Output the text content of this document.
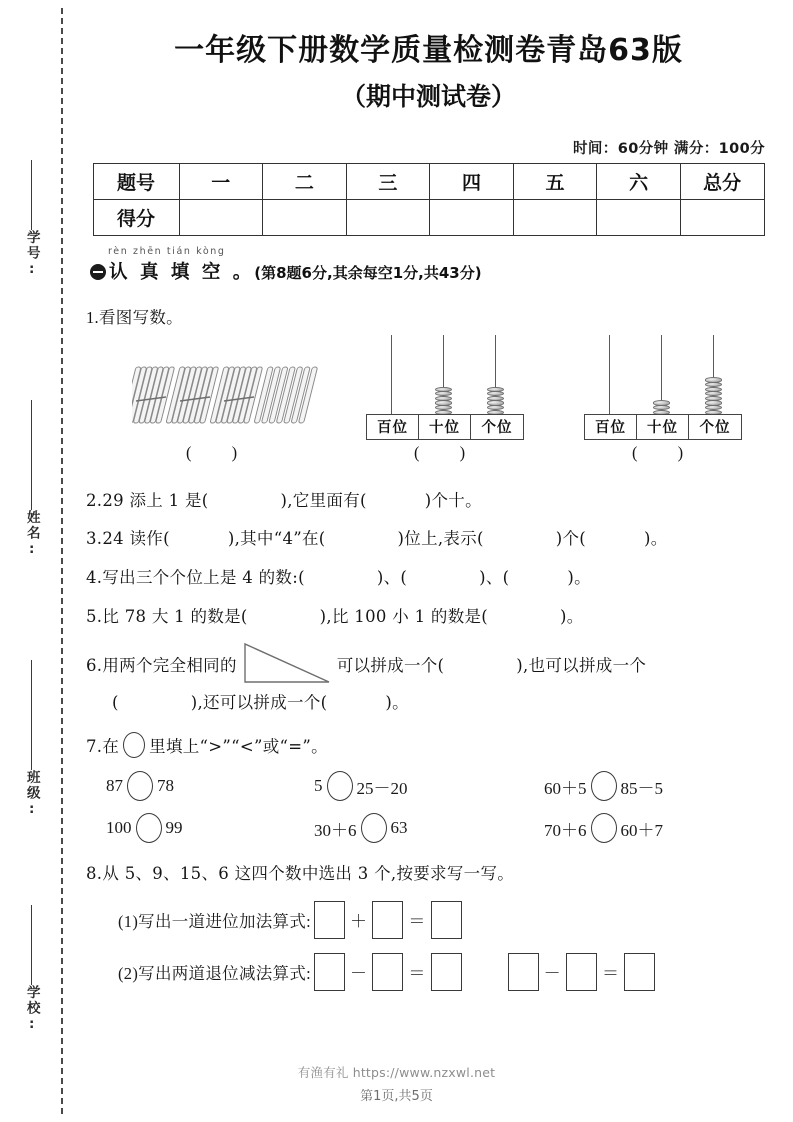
学号:
姓名:
班级:
学校:
一年级下册数学质量检测卷青岛63版
（期中测试卷）
时间：60分钟 满分：100分
题号	一	二	三	四	五	六	总分
得分							
rèn zhēn tián kòng
认 真 填 空 。(第8题6分,其余每空1分,共43分)
1.看图写数。
( )
百位	十位	个位
( )
百位	十位	个位
( )
2.29 添上 1 是(	),它里面有(	)个十。
3.24 读作(	),其中“4”在(	)位上,表示(	)个(	)。
4.写出三个个位上是 4 的数:(	)、(	)、(	)。
5.比 78 大 1 的数是(	),比 100 小 1 的数是(	)。
6.用两个完全相同的	可以拼成一个(	),也可以拼成一个
(	),还可以拼成一个(	)。
7.在 里填上“>”“<”或“=”。
87 78	5 25－20	60＋5 85－5
100 99	30＋6 63	70＋6 60＋7
8.从 5、9、15、6 这四个数中选出 3 个,按要求写一写。
(1)写出一道进位加法算式: ＋ ＝
(2)写出两道退位减法算式: － ＝	－ ＝
有渔有礼 https://www.nzxwl.net
第1页,共5页
